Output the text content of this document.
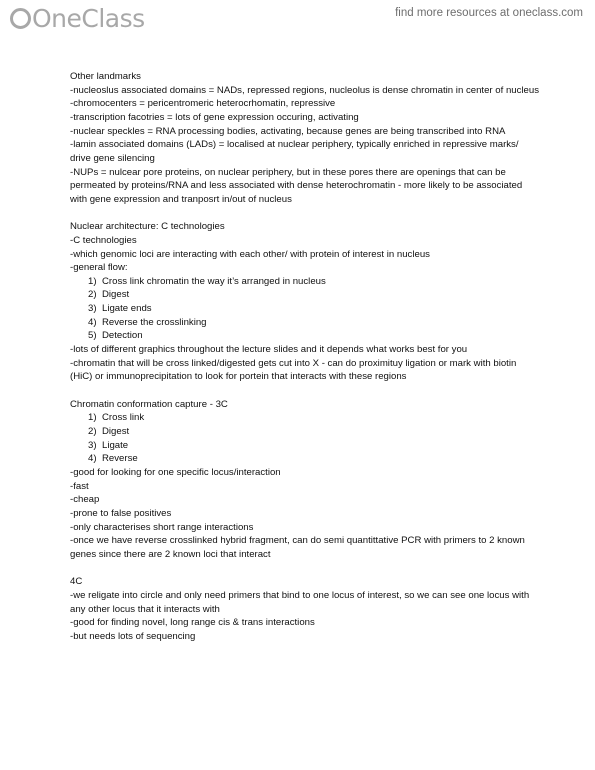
OneClass	find more resources at oneclass.com
Other landmarks
-nucleoslus associated domains = NADs, repressed regions, nucleolus is dense chromatin in center of nucleus
-chromocenters = pericentromeric heterocrhomatin, repressive
-transcription facotries = lots of gene expression occuring, activating
-nuclear speckles = RNA processing bodies, activating, because genes are being transcribed into RNA
-lamin associated domains (LADs) = localised at nuclear periphery, typically enriched in repressive marks/ drive gene silencing
-NUPs = nulcear pore proteins, on nuclear periphery, but in these pores there are openings that can be permeated by proteins/RNA and less associated with dense heterochromatin - more likely to be associated with gene expression and tranposrt in/out of nucleus
Nuclear architecture: C technologies
-C technologies
-which genomic loci are interacting with each other/ with protein of interest in nucleus
-general flow:
1) Cross link chromatin the way it’s arranged in nucleus
2) Digest
3) Ligate ends
4) Reverse the crosslinking
5) Detection
-lots of different graphics throughout the lecture slides and it depends what works best for you
-chromatin that will be cross linked/digested gets cut into X - can do proximituy ligation or mark with biotin (HiC) or immunoprecipitation to look for portein that interacts with these regions
Chromatin conformation capture - 3C
1) Cross link
2) Digest
3) Ligate
4) Reverse
-good for looking for one specific locus/interaction
-fast
-cheap
-prone to false positives
-only characterises short range interactions
-once we have reverse crosslinked hybrid fragment, can do semi quantittative PCR with primers to 2 known genes since there are 2 known loci that interact
4C
-we religate into circle and only need primers that bind to one locus of interest, so we can see one locus with any other locus that it interacts with
-good for finding novel, long range cis & trans interactions
-but needs lots of sequencing
